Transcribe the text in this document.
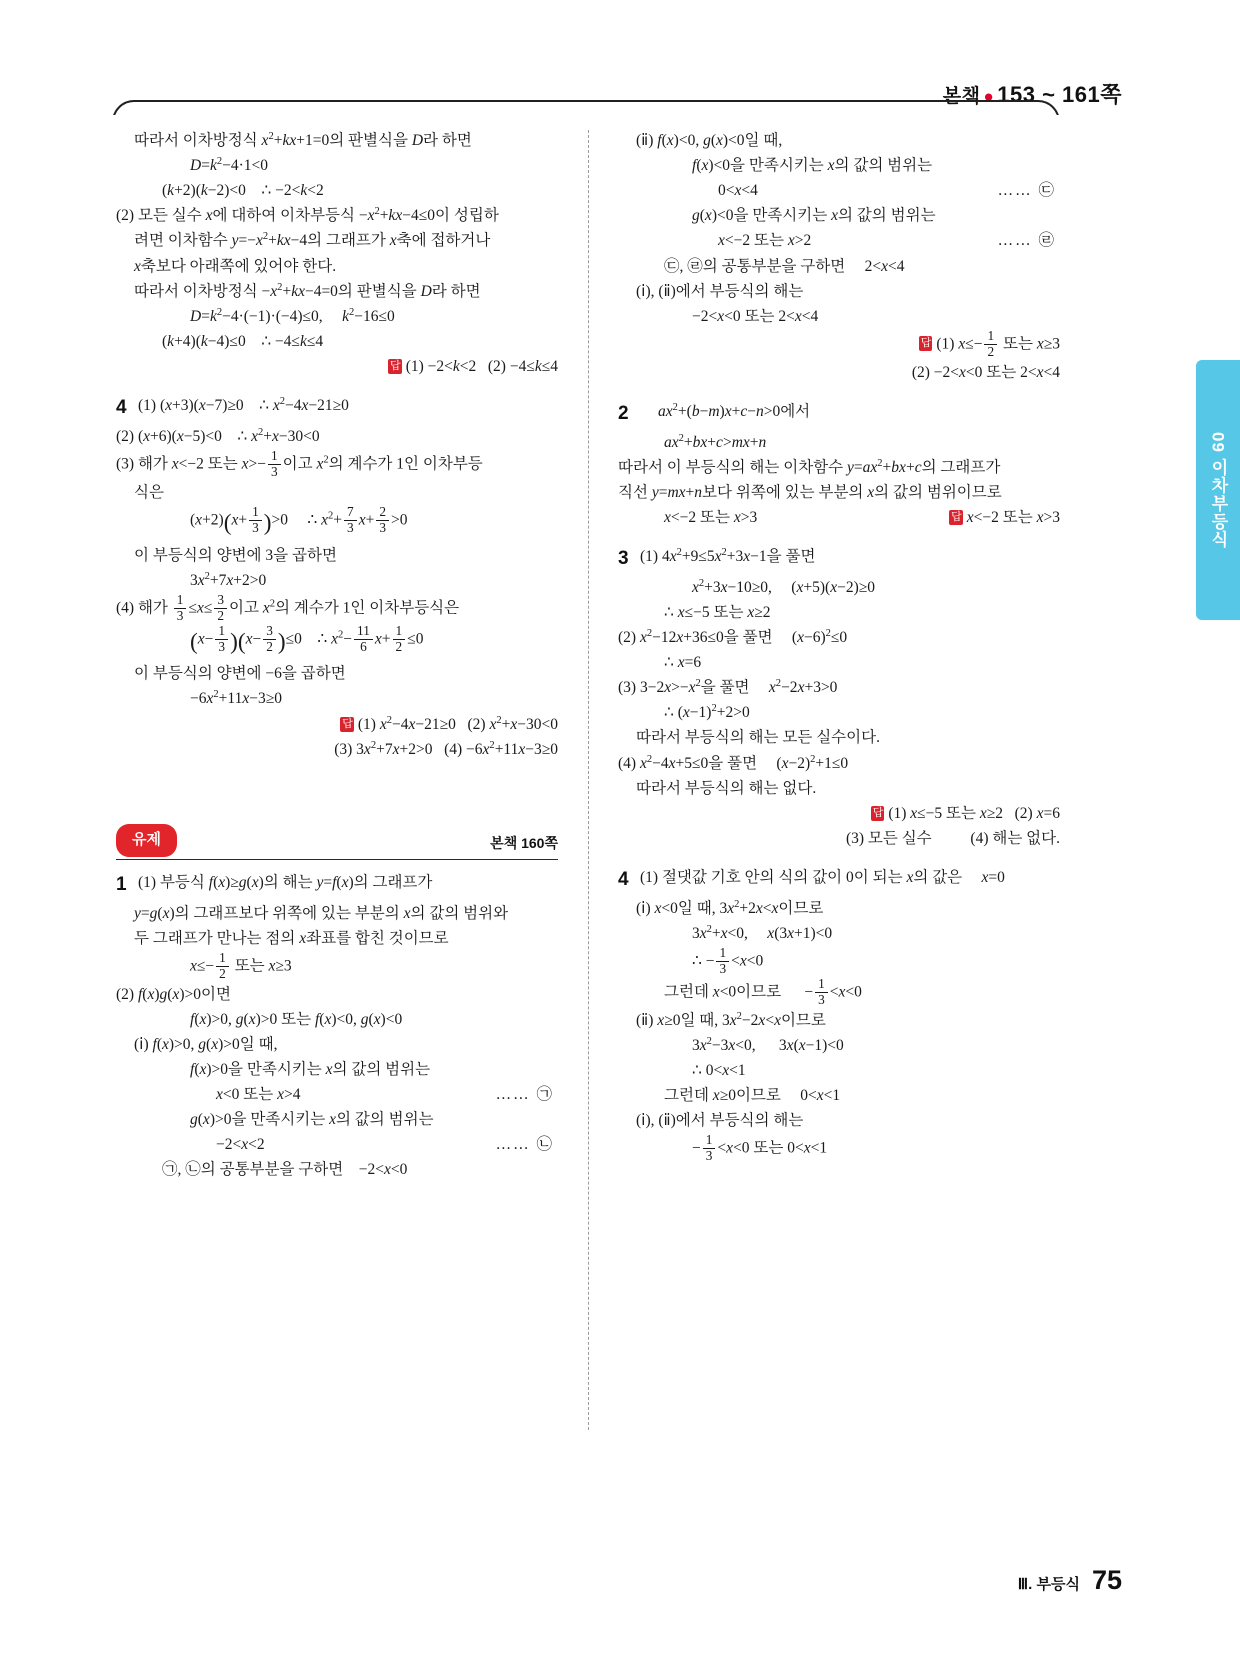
본책 ● 153 ~ 161쪽
09 이차부등식
따라서 이차방정식 $x^2+kx+1=0$의 판별식을 D라 하면
$D=k^2-4\cdot 1<0$
(k+2)(k−2)<0    ∴ −2<k<2
(2) 모든 실수 x에 대하여 이차부등식 $-x^2+kx-4\le 0$이 성립하
려면 이차함수 $y=-x^2+kx-4$의 그래프가 x축에 접하거나
x축보다 아래쪽에 있어야 한다.
따라서 이차방정식 $-x^2+kx-4=0$의 판별식을 D라 하면
$D=k^2-4\cdot(-1)\cdot(-4)\le 0$,     $k^2-16\le 0$
(k+4)(k−4)≤0    ∴ −4≤k≤4
답 (1) −2<k<2   (2) −4≤k≤4
4 (1) (x+3)(x−7)≥0    ∴ $x^2-4x-21\ge 0$
(2) (x+6)(x−5)<0    ∴ $x^2+x-30<0$
(3) 해가 x<−2 또는 $x>- \frac{1}{3}$ 이고 $x^2$의 계수가 1인 이차부등
식은
$(x+2)(x+ \frac{1}{3} )>0$     ∴ $x^2+ \frac{7}{3} x+ \frac{2}{3} >0$
이 부등식의 양변에 3을 곱하면
$3x^2+7x+2>0$
(4) 해가 $\frac{1}{3} \le x\le \frac{3}{2}$ 이고 $x^2$의 계수가 1인 이차부등식은
$(x- \frac{1}{3} )(x- \frac{3}{2} )\le 0$    ∴ $x^2- \frac{11}{6} x+ \frac{1}{2} \le 0$
이 부등식의 양변에 −6을 곱하면
$-6x^2+11x-3\ge 0$
답 (1) $x^2-4x-21\ge 0$   (2) $x^2+x-30<0$
(3) $3x^2+7x+2>0$   $(4) -6x^2+11x-3\ge 0$
유제	본책 160쪽
1 (1) 부등식 f(x)≥g(x)의 해는 y=f(x)의 그래프가
y=g(x)의 그래프보다 위쪽에 있는 부분의 x의 값의 범위와
두 그래프가 만나는 점의 x좌표를 합친 것이므로
$x\le- \frac{1}{2}$ 또는 x≥3
(2) f(x)g(x)>0이면
f(x)>0, g(x)>0 또는 f(x)<0, g(x)<0
(ⅰ) f(x)>0, g(x)>0일 때,
f(x)>0을 만족시키는 x의 값의 범위는
x<0 또는 x>4	…… ㉠
g(x)>0을 만족시키는 x의 값의 범위는
−2<x<2	…… ㉡
㉠, ㉡의 공통부분을 구하면    −2<x<0
(ⅱ) f(x)<0, g(x)<0일 때,
f(x)<0을 만족시키는 x의 값의 범위는
0<x<4	…… ㉢
g(x)<0을 만족시키는 x의 값의 범위는
x<−2 또는 x>2	…… ㉣
㉢, ㉣의 공통부분을 구하면     2<x<4
(ⅰ), (ⅱ)에서 부등식의 해는
−2<x<0 또는 2<x<4
답 (1) $x\le- \frac{1}{2}$ 또는 x≥3
(2) −2<x<0 또는 2<x<4
2	$ax^2+(b-m)x+c-n>0$에서
$ax^2+bx+c>mx+n$
따라서 이 부등식의 해는 이차함수 $y=ax^2+bx+c$의 그래프가
직선 y=mx+n보다 위쪽에 있는 부분의 x의 값의 범위이므로
x<−2 또는 x>3	답 x<−2 또는 x>3
3 (1) $4x^2+9\le 5x^2+3x-1$을 풀면
$x^2+3x-10\ge 0$,     (x+5)(x−2)≥0
∴ x≤−5 또는 x≥2
(2) $x^2-12x+36\le 0$을 풀면     $(x-6)^2\le 0$
∴ x=6
(3) $3-2x>-x^2$을 풀면     $x^2-2x+3>0$
∴ $(x-1)^2+2>0$
따라서 부등식의 해는 모든 실수이다.
(4) $x^2-4x+5\le 0$을 풀면     $(x-2)^2+1\le 0$
따라서 부등식의 해는 없다.
답 (1) x≤−5 또는 x≥2   (2) x=6
(3) 모든 실수          (4) 해는 없다.
4 (1) 절댓값 기호 안의 식의 값이 0이 되는 x의 값은     x=0
(ⅰ) x<0일 때, $3x^2+2x<x$이므로
$3x^2+x<0$,     x(3x+1)<0
∴ − $\frac{1}{3} <x<0$
그런데 x<0이므로      − $\frac{1}{3} <x<0$
(ⅱ) x≥0일 때, $3x^2-2x<x$이므로
$3x^2-3x<0$,      3x(x−1)<0
∴ 0<x<1
그런데 x≥0이므로     0<x<1
(ⅰ), (ⅱ)에서 부등식의 해는
− $\frac{1}{3} <x<0$ 또는 0<x<1
Ⅲ. 부등식 75
